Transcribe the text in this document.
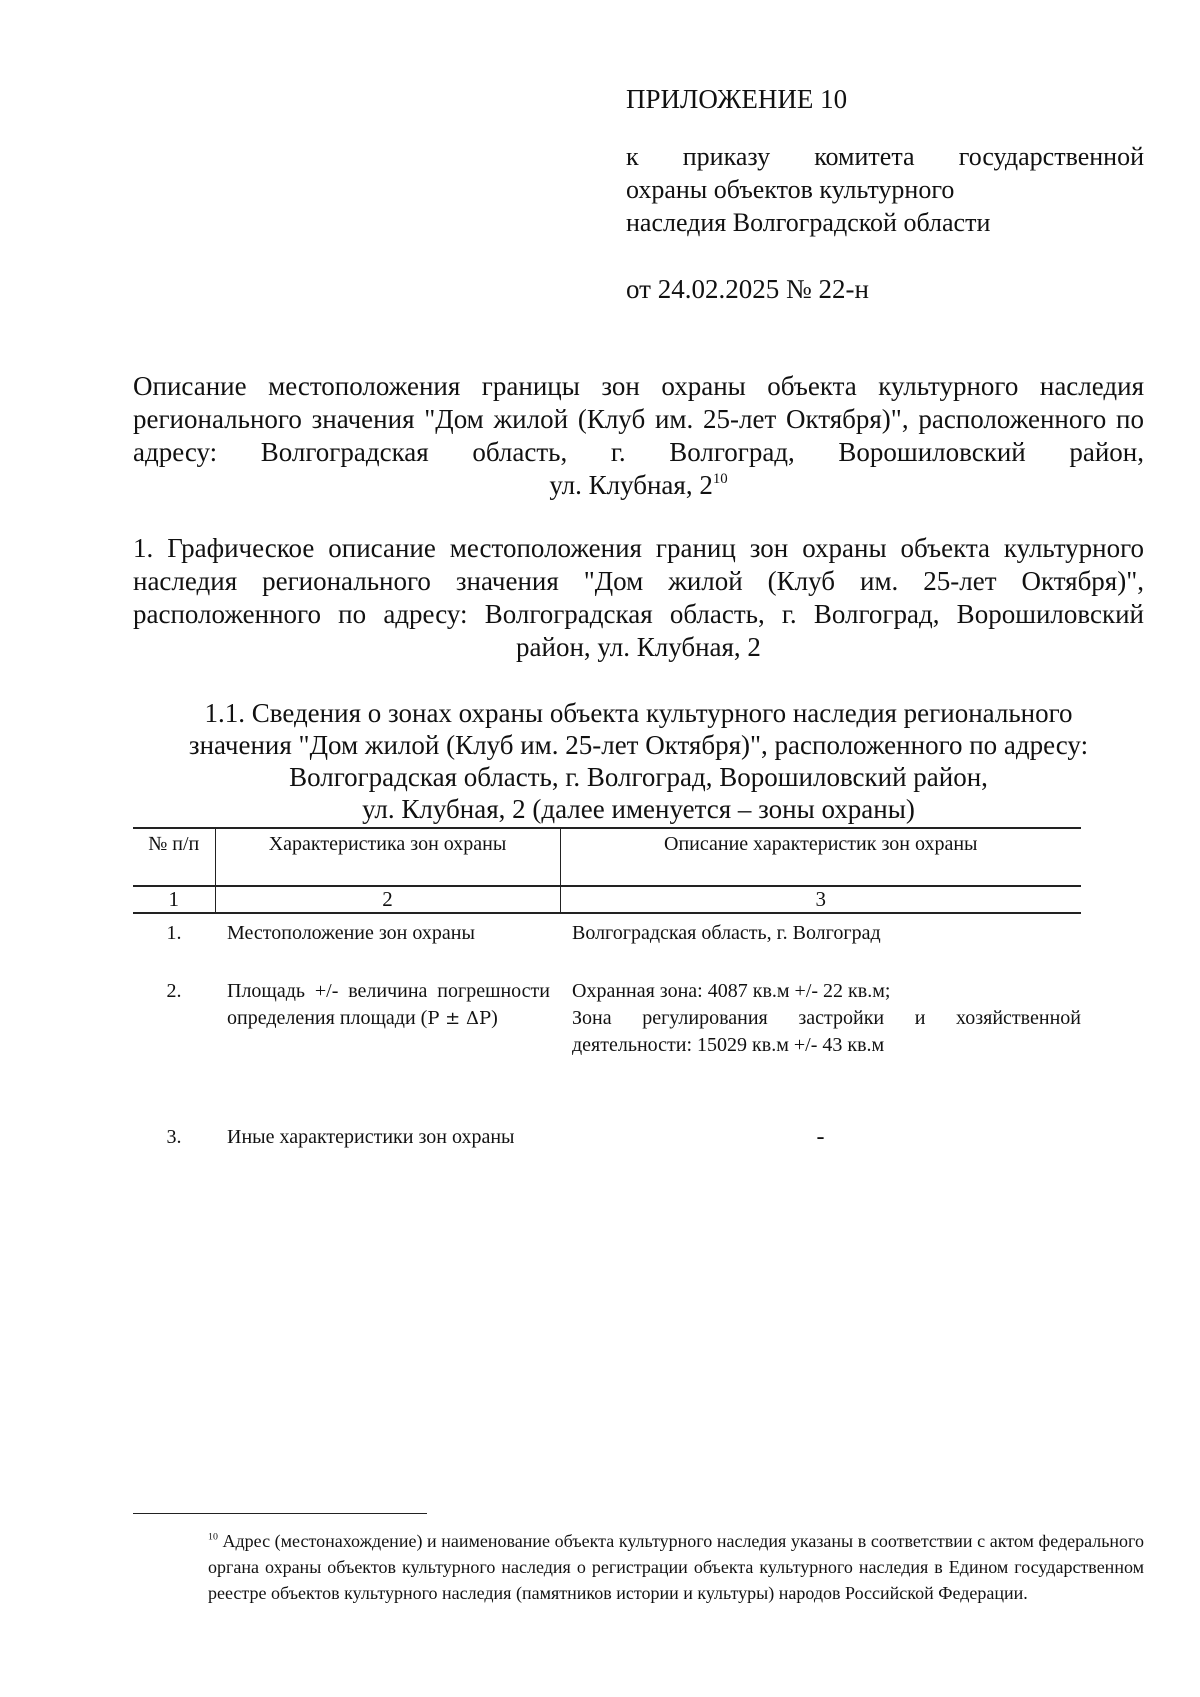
ПРИЛОЖЕНИЕ 10
к приказу комитета государственной
охраны объектов культурного
наследия Волгоградской области
от 24.02.2025 № 22-н
Описание местоположения границы зон охраны объекта культурного наследия регионального значения "Дом жилой (Клуб им. 25-лет Октября)", расположенного по адресу: Волгоградская область, г. Волгоград, Ворошиловский район,
ул. Клубная, $2^{10}$
1. Графическое описание местоположения границ зон охраны объекта культурного наследия регионального значения "Дом жилой (Клуб им. 25-лет Октября)", расположенного по адресу: Волгоградская область, г. Волгоград, Ворошиловский
район, ул. Клубная, 2
1.1. Сведения о зонах охраны объекта культурного наследия регионального
значения "Дом жилой (Клуб им. 25-лет Октября)", расположенного по адресу:
Волгоградская область, г. Волгоград, Ворошиловский район,
ул. Клубная, 2 (далее именуется – зоны охраны)
№ п/п	Характеристика зон охраны	Описание характеристик зон охраны
1	2	3
1.	Местоположение зон охраны	Волгоградская область, г. Волгоград
2.	Площадь +/- величина погрешности определения площади (P ± ΔP)	Охранная зона: 4087 кв.м +/- 22 кв.м;
Зона регулирования застройки и хозяйственной деятельности: 15029 кв.м +/- 43 кв.м

3.	Иные характеристики зон охраны	-
$^{10}$ Адрес (местонахождение) и наименование объекта культурного наследия указаны в соответствии с актом федерального органа охраны объектов культурного наследия о регистрации объекта культурного наследия в Едином государственном реестре объектов культурного наследия (памятников истории и культуры) народов Российской Федерации.
